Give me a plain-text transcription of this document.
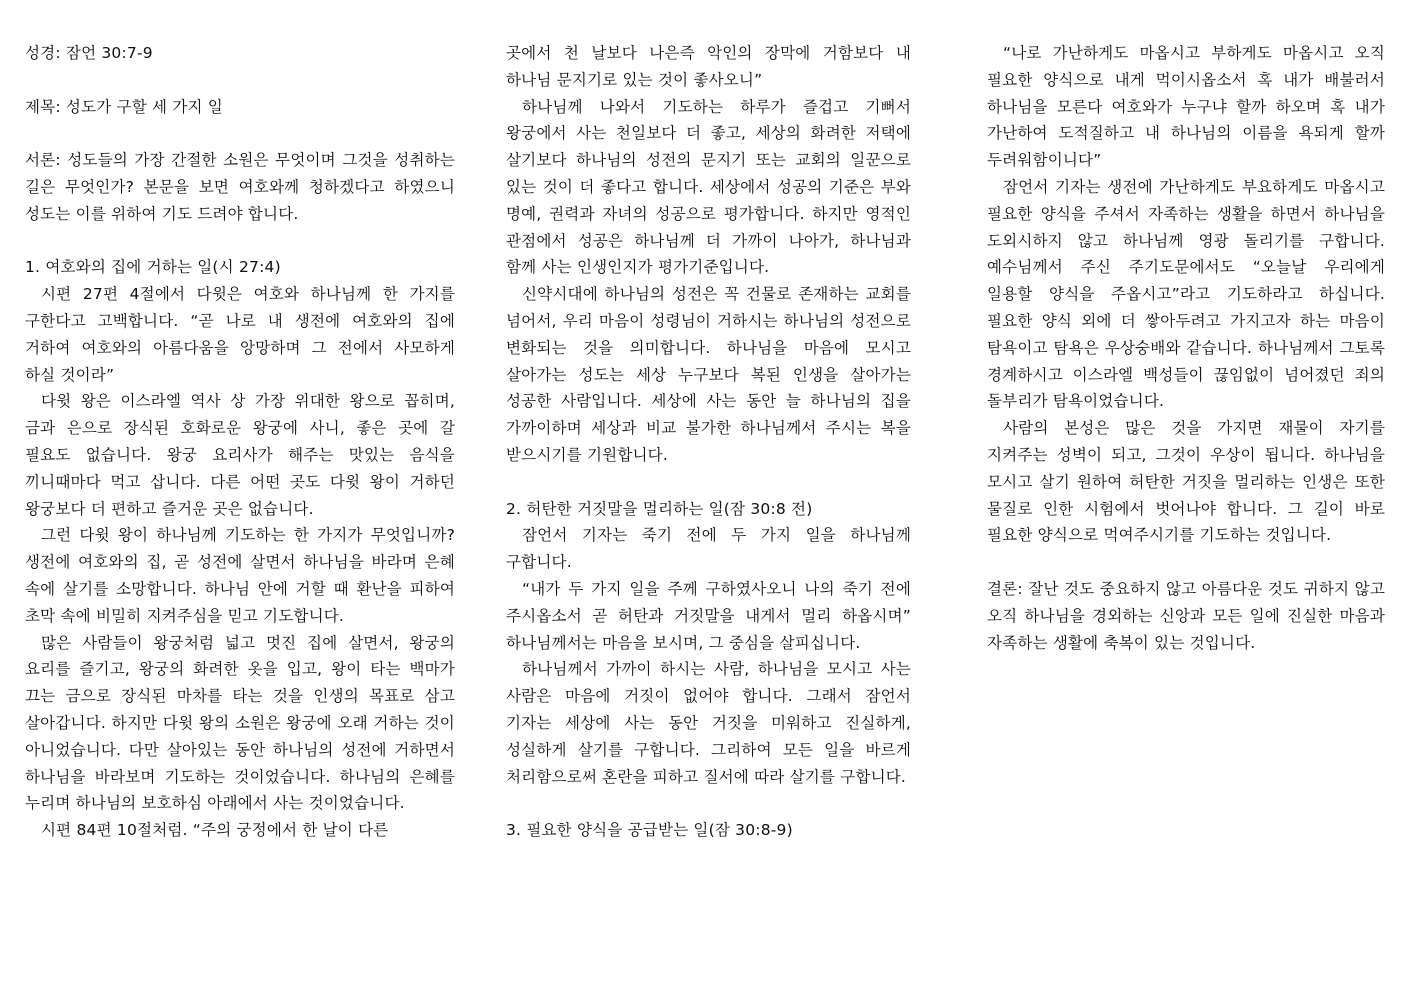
성경: 잠언 30:7-9

제목: 성도가 구할 세 가지 일

서론: 성도들의 가장 간절한 소원은 무엇이며 그것을 성취하는 길은 무엇인가? 본문을 보면 여호와께 청하겠다고 하였으니 성도는 이를 위하여 기도 드려야 합니다.

1. 여호와의 집에 거하는 일(시 27:4)

시편 27편 4절에서 다윗은 여호와 하나님께 한 가지를 구한다고 고백합니다. “곧 나로 내 생전에 여호와의 집에 거하여 여호와의 아름다움을 앙망하며 그 전에서 사모하게 하실 것이라”

다윗 왕은 이스라엘 역사 상 가장 위대한 왕으로 꼽히며, 금과 은으로 장식된 호화로운 왕궁에 사니, 좋은 곳에 갈 필요도 없습니다. 왕궁 요리사가 해주는 맛있는 음식을 끼니때마다 먹고 삽니다. 다른 어떤 곳도 다윗 왕이 거하던 왕궁보다 더 편하고 즐거운 곳은 없습니다.

그런 다윗 왕이 하나님께 기도하는 한 가지가 무엇입니까? 생전에 여호와의 집, 곧 성전에 살면서 하나님을 바라며 은혜 속에 살기를 소망합니다. 하나님 안에 거할 때 환난을 피하여 초막 속에 비밀히 지켜주심을 믿고 기도합니다.

많은 사람들이 왕궁처럼 넓고 멋진 집에 살면서, 왕궁의 요리를 즐기고, 왕궁의 화려한 옷을 입고, 왕이 타는 백마가 끄는 금으로 장식된 마차를 타는 것을 인생의 목표로 삼고 살아갑니다. 하지만 다윗 왕의 소원은 왕궁에 오래 거하는 것이 아니었습니다. 다만 살아있는 동안 하나님의 성전에 거하면서 하나님을 바라보며 기도하는 것이었습니다. 하나님의 은혜를 누리며 하나님의 보호하심 아래에서 사는 것이었습니다.

시편 84편 10절처럼. “주의 궁정에서 한 날이 다른

곳에서 천 날보다 나은즉 악인의 장막에 거함보다 내 하나님 문지기로 있는 것이 좋사오니”

하나님께 나와서 기도하는 하루가 즐겁고 기뻐서 왕궁에서 사는 천일보다 더 좋고, 세상의 화려한 저택에 살기보다 하나님의 성전의 문지기 또는 교회의 일꾼으로 있는 것이 더 좋다고 합니다. 세상에서 성공의 기준은 부와 명예, 권력과 자녀의 성공으로 평가합니다. 하지만 영적인 관점에서 성공은 하나님께 더 가까이 나아가, 하나님과 함께 사는 인생인지가 평가기준입니다.

신약시대에 하나님의 성전은 꼭 건물로 존재하는 교회를 넘어서, 우리 마음이 성령님이 거하시는 하나님의 성전으로 변화되는 것을 의미합니다. 하나님을 마음에 모시고 살아가는 성도는 세상 누구보다 복된 인생을 살아가는 성공한 사람입니다. 세상에 사는 동안 늘 하나님의 집을 가까이하며 세상과 비교 불가한 하나님께서 주시는 복을 받으시기를 기원합니다.

2. 허탄한 거짓말을 멀리하는 일(잠 30:8 전)

잠언서 기자는 죽기 전에 두 가지 일을 하나님께 구합니다.

“내가 두 가지 일을 주께 구하였사오니 나의 죽기 전에 주시옵소서 곧 허탄과 거짓말을 내게서 멀리 하옵시며” 하나님께서는 마음을 보시며, 그 중심을 살피십니다.

하나님께서 가까이 하시는 사람, 하나님을 모시고 사는 사람은 마음에 거짓이 없어야 합니다. 그래서 잠언서 기자는 세상에 사는 동안 거짓을 미워하고 진실하게, 성실하게 살기를 구합니다. 그리하여 모든 일을 바르게 처리함으로써 혼란을 피하고 질서에 따라 살기를 구합니다.

3. 필요한 양식을 공급받는 일(잠 30:8-9)

“나로 가난하게도 마옵시고 부하게도 마옵시고 오직 필요한 양식으로 내게 먹이시옵소서 혹 내가 배불러서 하나님을 모른다 여호와가 누구냐 할까 하오며 혹 내가 가난하여 도적질하고 내 하나님의 이름을 욕되게 할까 두려워함이니다”

잠언서 기자는 생전에 가난하게도 부요하게도 마옵시고 필요한 양식을 주셔서 자족하는 생활을 하면서 하나님을 도외시하지 않고 하나님께 영광 돌리기를 구합니다. 예수님께서 주신 주기도문에서도 “오늘날 우리에게 일용할 양식을 주옵시고”라고 기도하라고 하십니다. 필요한 양식 외에 더 쌓아두려고 가지고자 하는 마음이 탐욕이고 탐욕은 우상숭배와 같습니다. 하나님께서 그토록 경계하시고 이스라엘 백성들이 끊임없이 넘어졌던 죄의 돌부리가 탐욕이었습니다.

사람의 본성은 많은 것을 가지면 재물이 자기를 지켜주는 성벽이 되고, 그것이 우상이 됩니다. 하나님을 모시고 살기 원하여 허탄한 거짓을 멀리하는 인생은 또한 물질로 인한 시험에서 벗어나야 합니다. 그 길이 바로 필요한 양식으로 먹여주시기를 기도하는 것입니다.

결론: 잘난 것도 중요하지 않고 아름다운 것도 귀하지 않고 오직 하나님을 경외하는 신앙과 모든 일에 진실한 마음과 자족하는 생활에 축복이 있는 것입니다.
